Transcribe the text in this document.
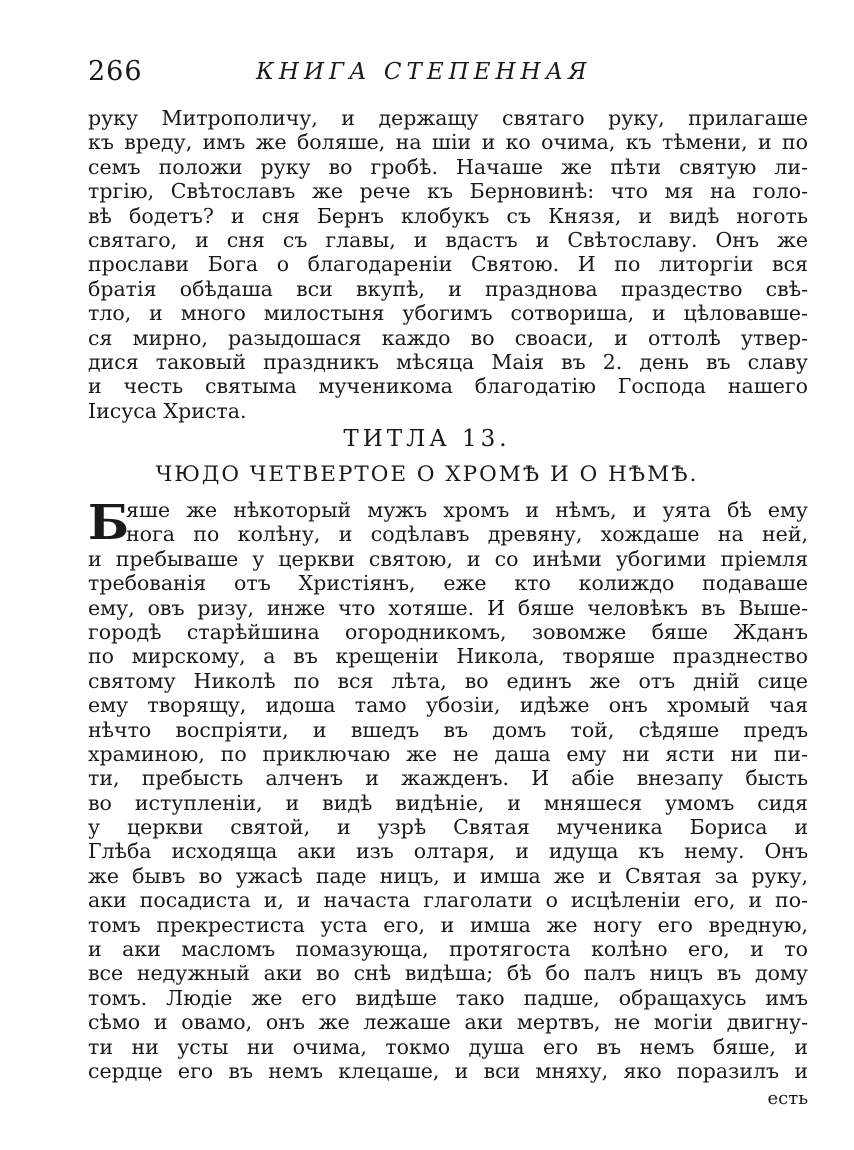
266	КНИГА СТЕПЕННАЯ
руку Митрополичу, и держащу святаго руку, прилагаше
къ вреду, имъ же боляше, на шіи и ко очима, къ тѣмени, и по
семъ положи руку во гробѣ. Начаше же пѣти святую ли-
тргію, Свѣтославъ же рече къ Берновинѣ: что мя на голо-
вѣ бодетъ? и сня Бернъ клобукъ съ Князя, и видѣ ноготь
святаго, и сня съ главы, и вдастъ и Свѣтославу. Онъ же
прослави Бога о благодареніи Святою. И по литоргіи вся
братія обѣдаша вси вкупѣ, и празднова праздество свѣ-
тло, и много милостыня убогимъ сотвориша, и цѣловавше-
ся мирно, разыдошася каждо во своаси, и оттолѣ утвер-
дися таковый праздникъ мѣсяца Маія въ 2. день въ славу
и честь святыма мученикома благодатію Господа нашего
Іисуса Христа.
ТИТЛА 13.
ЧЮДО ЧЕТВЕРТОЕ О ХРОМѢ И О НѢМѢ.
Б
яше же нѣкоторый мужъ хромъ и нѣмъ, и уята бѣ ему
нога по колѣну, и содѣлавъ древяну, хождаше на ней,
и пребываше у церкви святою, и со инѣми убогими пріемля
требованія отъ Христіянъ, еже кто колиждо подаваше
ему, овъ ризу, инже что хотяше. И бяше человѣкъ въ Выше-
городѣ старѣйшина огородникомъ, зовомже бяше Жданъ
по мирскому, а въ крещеніи Никола, творяше празднество
святому Николѣ по вся лѣта, во единъ же отъ дній сице
ему творящу, идоша тамо убозіи, идѣже онъ хромый чая
нѣчто воспріяти, и вшедъ въ домъ той, сѣдяше предъ
храминою, по приключаю же не даша ему ни ясти ни пи-
ти, пребысть алченъ и жажденъ. И абіе внезапу бысть
во иступленіи, и видѣ видѣніе, и мняшеся умомъ сидя
у церкви святой, и узрѣ Святая мученика Бориса и
Глѣба исходяща аки изъ олтаря, и идуща къ нему. Онъ
же бывъ во ужасѣ паде ницъ, и имша же и Святая за руку,
аки посадиста и, и начаста глаголати о исцѣленіи его, и по-
томъ прекрестиста уста его, и имша же ногу его вредную,
и аки масломъ помазующа, протягоста колѣно его, и то
все недужный аки во снѣ видѣша; бѣ бо палъ ницъ въ дому
томъ. Людіе же его видѣше тако падше, обращахусь имъ
сѣмо и овамо, онъ же лежаше аки мертвъ, не могіи двигну-
ти ни усты ни очима, токмо душа его въ немъ бяше, и
сердце его въ немъ клецаше, и вси мняху, яко поразилъ и
есть
